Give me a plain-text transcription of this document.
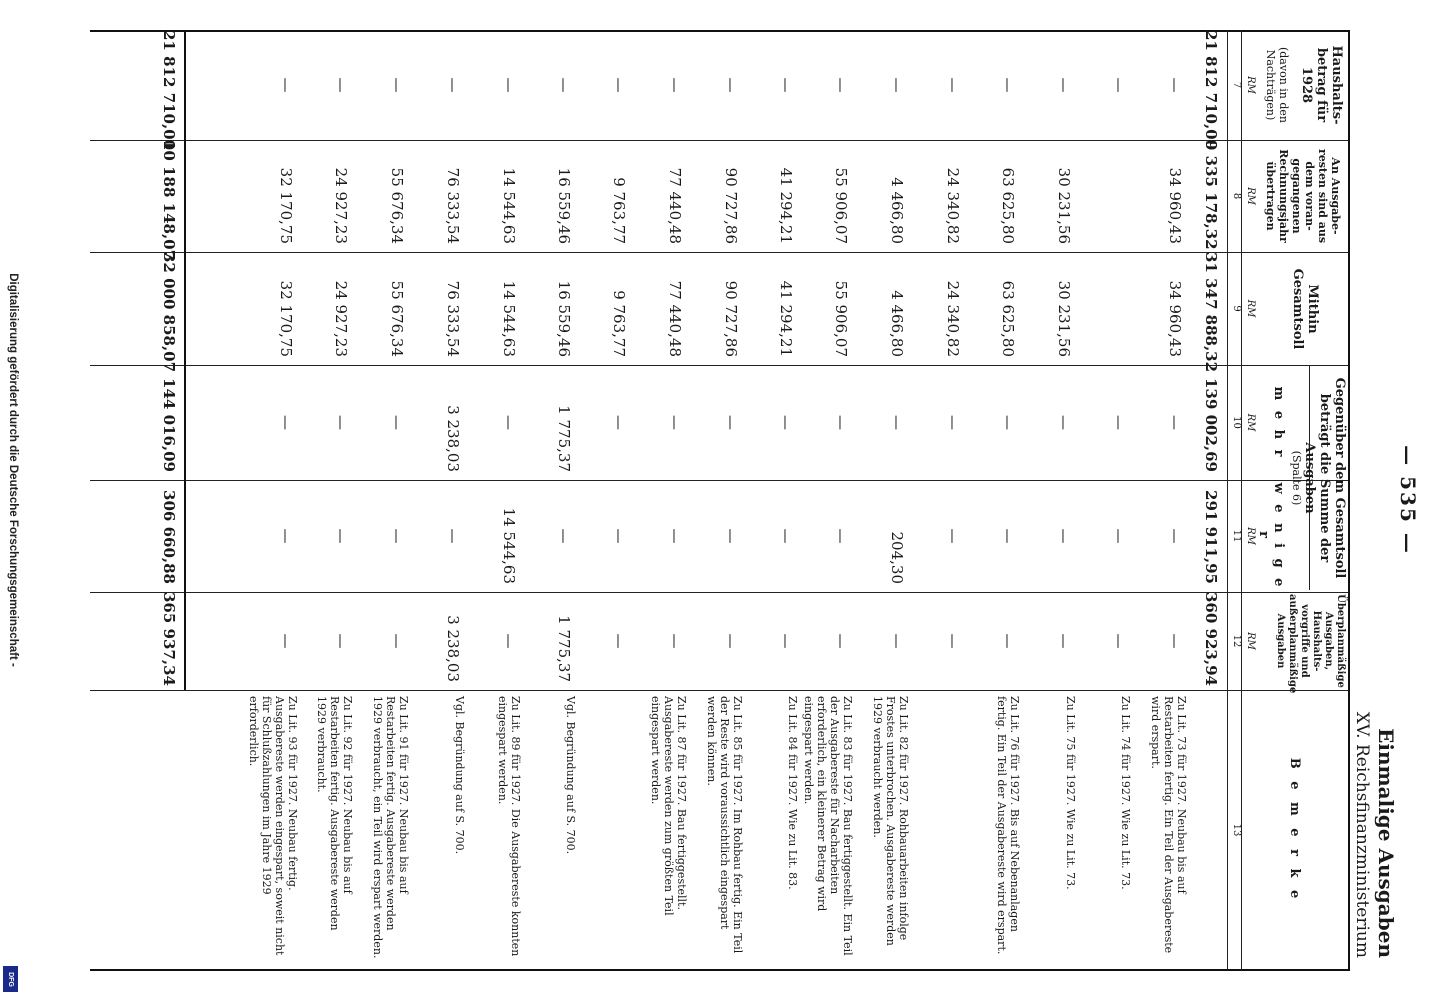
Digitalisierung gefördert durch die Deutsche Forschungsgemeinschaft -
DFG
— 535 —
Einmalige Ausgaben
XV. Reichsfinanzministerium
Haushalts-betrag für 1928
(davon in den Nachträgen)
An Ausgabe-resten sind aus dem voran-gegangenen Rechnungsjahr übertragen
Mithin Gesamtsoll
Gegenüber dem Gesamtsoll beträgt die Summe der Ausgaben
(Spalte 6)
m e h r
w e n i g e r
Überplanmäßige Ausgaben, Haushalts-vorgriffe und außerplanmäßige Ausgaben
B e m e r k e
RM
RM
RM
RM
RM
RM
7
8
9
10
11
12
13
21 812 710,00
9 335 178,32
31 347 888,32
139 002,69
291 911,95
360 923,94
—
34 960,43
34 960,43
—
—
—
Zu Lit. 73 für 1927. Neubau bis auf Restarbeiten fertig. Ein Teil der Ausgabereste wird erspart.
—
—
—
—
Zu Lit. 74 für 1927. Wie zu Lit. 73.
—
30 231,56
30 231,56
—
—
—
Zu Lit. 75 für 1927. Wie zu Lit. 73.
—
63 625,80
63 625,80
—
—
—
Zu Lit. 76 für 1927. Bis auf Nebenanlagen fertig. Ein Teil der Ausgabereste wird erspart.
—
24 340,82
24 340,82
—
—
—
—
4 466,80
4 466,80
—
204,30
—
Zu Lit. 82 für 1927. Rohbauarbeiten infolge Frostes unterbrochen. Ausgabereste werden 1929 verbraucht werden.
—
55 906,07
55 906,07
—
—
—
Zu Lit. 83 für 1927. Bau fertiggestellt. Ein Teil der Ausgabereste für Nacharbeiten erforderlich, ein kleinerer Betrag wird eingespart werden.
—
41 294,21
41 294,21
—
—
—
Zu Lit. 84 für 1927. Wie zu Lit. 83.
—
90 727,86
90 727,86
—
—
—
Zu Lit. 85 für 1927. Im Rohbau fertig. Ein Teil der Reste wird voraussichtlich eingespart werden können.
—
77 440,48
77 440,48
—
—
—
Zu Lit. 87 für 1927. Bau fertiggestellt. Ausgabereste werden zum größten Teil eingespart werden.
—
9 763,77
9 763,77
—
—
—
—
16 559,46
16 559,46
1 775,37
—
1 775,37
Vgl. Begründung auf S. 700.
—
14 544,63
14 544,63
—
14 544,63
—
Zu Lit. 89 für 1927. Die Ausgabereste konnten eingespart werden.
—
76 333,54
76 333,54
3 238,03
—
3 238,03
Vgl. Begründung auf S. 700.
—
55 676,34
55 676,34
—
—
—
Zu Lit. 91 für 1927. Neubau bis auf Restarbeiten fertig. Ausgabereste werden 1929 verbraucht, ein Teil wird erspart werden.
—
24 927,23
24 927,23
—
—
—
Zu Lit. 92 für 1927. Neubau bis auf Restarbeiten fertig. Ausgabereste werden 1929 verbraucht.
—
32 170,75
32 170,75
—
—
—
Zu Lit. 93 für 1927. Neubau fertig. Ausgabereste werden eingespart, soweit nicht für Schlußzahlungen im Jahre 1929 erforderlich.
21 812 710,00
10 188 148,07
32 000 858,07
144 016,09
306 660,88
365 937,34
